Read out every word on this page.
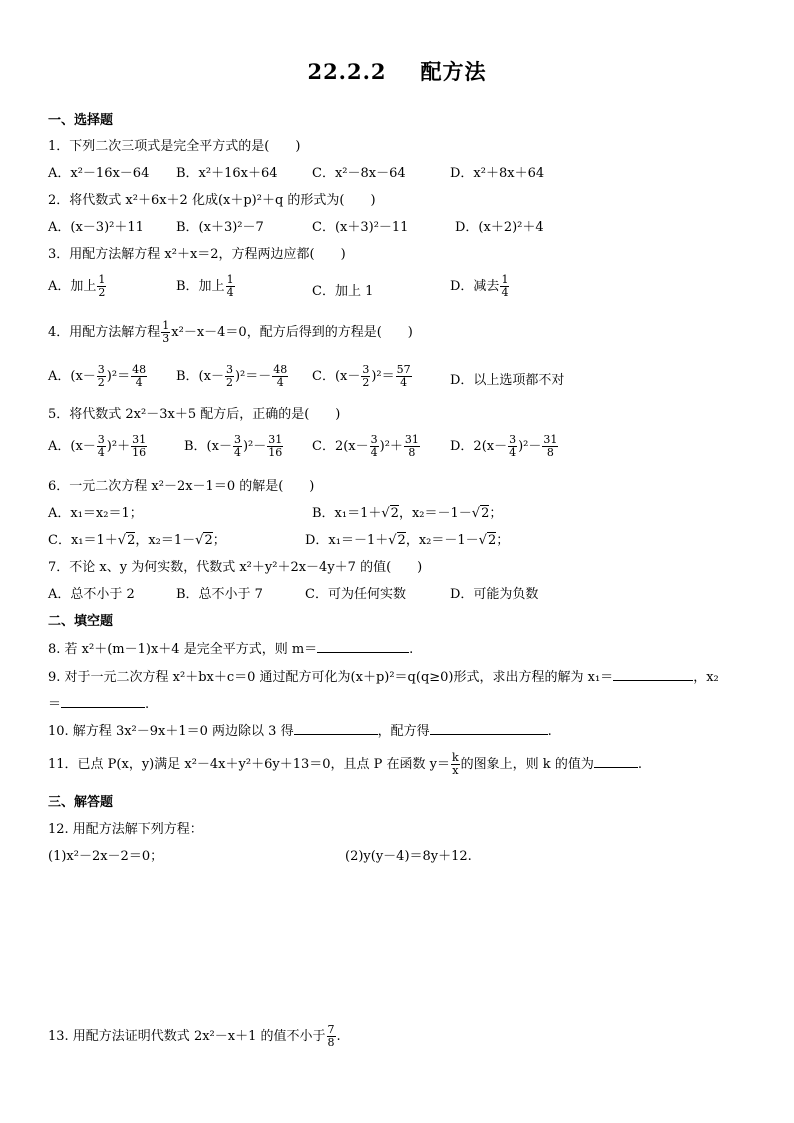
22.2.2 配方法
一、选择题
1．下列二次三项式是完全平方式的是(　　)
A．x²－16x－64 B．x²＋16x＋64	C．x²－8x－64	D．x²＋8x＋64
2．将代数式 x²＋6x＋2 化成(x＋p)²＋q 的形式为(　　)
A．(x－3)²＋11 B．(x＋3)²－7	C．(x＋3)²－11	D．(x＋2)²＋4
3．用配方法解方程 x²＋x＝2，方程两边应都(　　)
A．加上 $\frac{1}{2}$	B．加上 $\frac{1}{4}$	C．加上 1	D．减去 $\frac{1}{4}$
4．用配方法解方程 $\frac{1}{3} x^2-x-4=0$，配方后得到的方程是(　　)
A．$(x- \frac{3}{2} )^2= \frac{48}{4}$ B．$(x- \frac{3}{2} )^2=- \frac{48}{4}$ C．$(x- \frac{3}{2} )^2= \frac{57}{4}$	D．以上选项都不对
5．将代数式 2x²－3x＋5 配方后，正确的是(　　)
A．$(x- \frac{3}{4} )^2+ \frac{31}{16}$	B．$(x- \frac{3}{4} )^2- \frac{31}{16}$ C．$2(x- \frac{3}{4} )^2+ \frac{31}{8}$ D．$2(x- \frac{3}{4} )^2- \frac{31}{8}$
6．一元二次方程 x²－2x－1＝0 的解是(　　)
A．x₁＝x₂＝1；	B．x₁＝1＋√2，x₂＝－1－√2；
C．x₁＝1＋√2，x₂＝1－√2；	D．x₁＝－1＋√2，x₂＝－1－√2；
7．不论 x、y 为何实数，代数式 x²＋y²＋2x－4y＋7 的值(　　)
A．总不小于 2	B．总不小于 7	C．可为任何实数	D．可能为负数
二、填空题
8. 若 x²＋(m－1)x＋4 是完全平方式，则 m＝	.
9. 对于一元二次方程 x²＋bx＋c＝0 通过配方可化为(x＋p)²＝q(q≥0)形式，求出方程的解为 x₁＝	，x₂
＝	.
10. 解方程 3x²－9x＋1＝0 两边除以 3 得	，配方得	.
11．已点 P(x，y)满足 x²－4x＋y²＋6y＋13＝0，且点 P 在函数 $y= \frac{k}{x}$ 的图象上，则 k 的值为	.
三、解答题
12. 用配方法解下列方程：
(1)x²－2x－2＝0；	(2)y(y－4)＝8y＋12.
13. 用配方法证明代数式 2x²－x＋1 的值不小于 $\frac{7}{8}$ .
